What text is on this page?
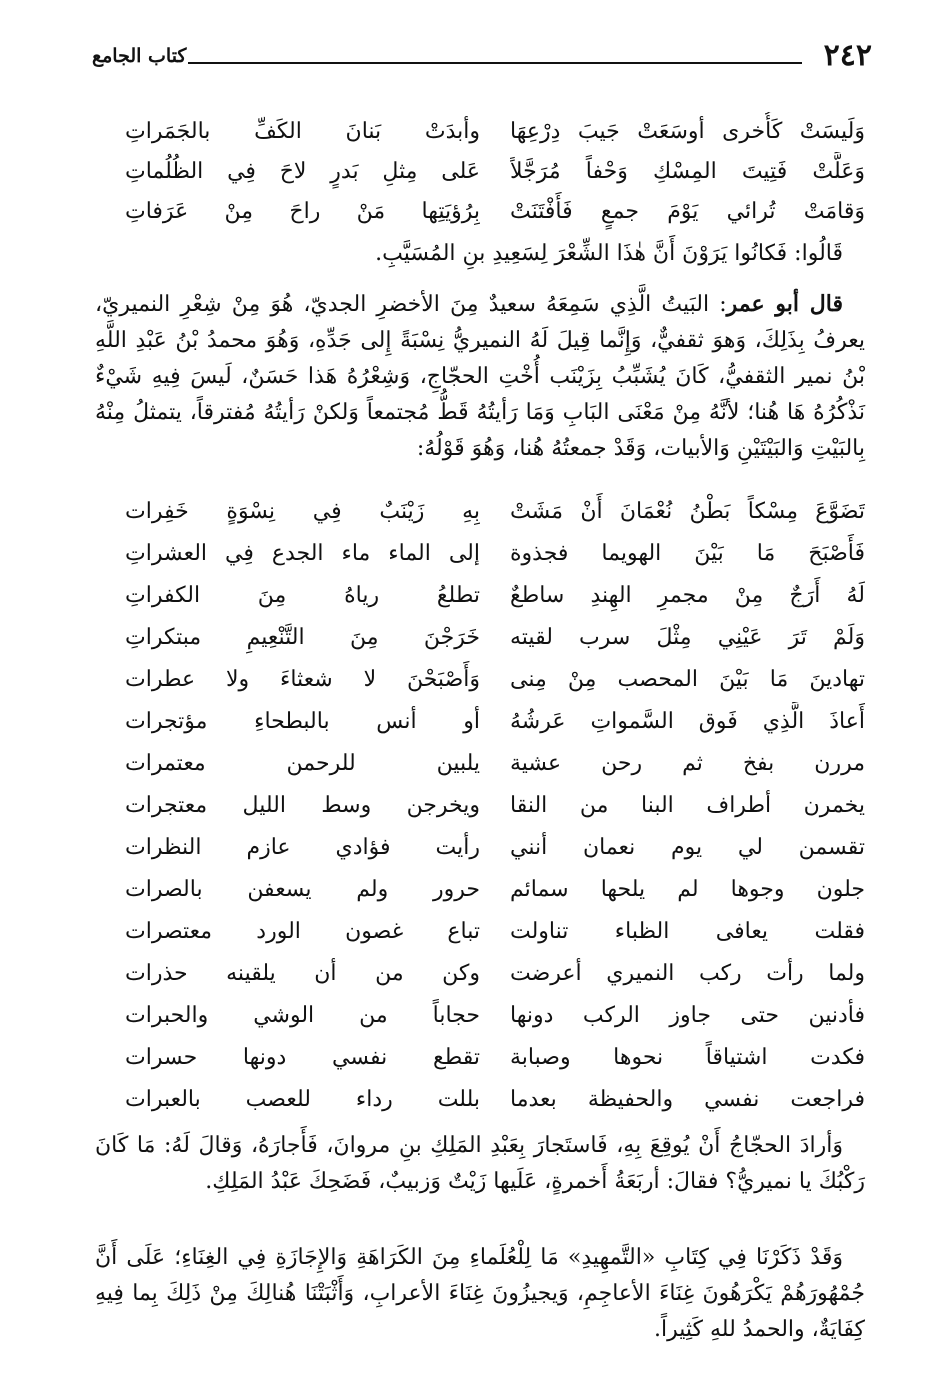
٢٤٢
كتاب الجامع
وَلَيسَتْ كَأُخرى أوسَعَتْ جَيبَ دِرْعِهَا
وأبدَتْ بَنانَ الكَفِّ بالجَمَراتِ
وَعَلَّتْ فَتِيتَ المِسْكِ وَحْفاً مُرَجَّلاً
عَلى مِثلِ بَدرٍ لاحَ فِي الظُلُماتِ
وَقامَتْ تُرائي يَوْمَ جمعٍ فَأَفْتَنَتْ
بِرُؤيَتِها مَنْ راحَ مِنْ عَرَفاتِ

قَالُوا: فَكانُوا يَرَوْنَ أَنَّ هٰذَا الشِّعْرَ لِسَعِيدِ بنِ المُسَيَّبِ.

قال أبو عمر: البَيتُ الَّذِي سَمِعَهُ سعيدٌ مِنَ الأخضرِ الجديّ، هُوَ مِنْ شِعْرِ النميريّ، يعرفُ بِذَلِكَ، وَهوَ ثقفيٌّ، وَإِنَّما قِيلَ لَهُ النميريُّ نِسْبَةً إِلى جَدِّهِ، وَهُوَ محمدُ بْنُ عَبْدِ اللَّهِ بْنُ نمير الثقفيُّ، كَانَ يُشَبِّبُ بِزَيْنَب أُخْتِ الحجّاجِ، وَشِعْرُهُ هَذا حَسَنٌ، لَيسَ فِيهِ شَيْءٌ نَذْكُرُهُ هَا هُنا؛ لأنَّهُ مِنْ مَعْنَى البَابِ وَمَا رَأيتُهُ قَطُّ مُجتمعاً وَلكنْ رَأيتُهُ مُفترقاً، يتمثلُ مِنْهُ بِالبَيْتِ وَالبَيْتَيْنِ وَالأبيات، وَقَدْ جمعتُهُ هُنا، وَهُوَ قَوْلُهُ:

تَضَوَّعَ مِسْكاً بَطْنُ نُعْمَانَ أَنْ مَشَتْ
بِهِ زَيْنَبٌ فِي نِسْوَةٍ خَفِرات
فَأَصْبَحَ مَا بَيْنَ الهويما فجذوة
إلى الماء ماء الجدع فِي العشراتِ
لَهُ أَرَجٌ مِنْ مجمرِ الهِندِ ساطعٌ
تطلعُ رياهُ مِنَ الكفراتِ
وَلَمْ تَرَ عَيْنِي مِثْلَ سرب لقيته
خَرَجْنَ مِنَ التَّنْعِيمِ مبتكراتِ
تهادينَ مَا بَيْنَ المحصب مِنْ مِنى
وَأَصْبَحْنَ لا شعثاءَ ولا عطرات
أَعاذَ الَّذِي فَوق السَّمواتِ عَرشُهُ
أو أنس بالبطحاءِ مؤتجرات
مررن بفخ ثم رحن عشية
يلبين للرحمن معتمرات
يخمرن أطراف البنا من النقا
ويخرجن وسط الليل معتجرات
تقسمن لي يوم نعمان أنني
رأيت فؤادي عازم النظرات
جلون وجوها لم يلحها سمائم
حرور ولم يسعفن بالصرات
فقلت يعافى الظباء تناولت
تباع غصون الورد معتصرات
ولما رأت ركب النميري أعرضت
وكن من أن يلقينه حذرات
فأدنين حتى جاوز الركب دونها
حجاباً من الوشي والحبرات
فكدت اشتياقاً نحوها وصبابة
تقطع نفسي دونها حسرات
فراجعت نفسي والحفيظة بعدما
بللت رداء للعصب بالعبرات

وَأرادَ الحجّاجُ أَنْ يُوقِعَ بِهِ، فَاستَجارَ بِعَبْدِ المَلِكِ بنِ مروانَ، فَأَجارَهُ، وَقالَ لَهُ: مَا كَانَ رَكْبُكَ يا نميريُّ؟ فقالَ: أربَعَةُ أَخمرةٍ، عَلَيها زَيْتٌ وَزبيبٌ، فَضَحِكَ عَبْدُ المَلِكِ.

وَقَدْ ذَكَرْنَا فِي كِتَابِ «التَّمهِيدِ» مَا لِلْعُلَماءِ مِنَ الكَرَاهَةِ وَالإِجَازَةِ فِي الغِنَاءِ؛ عَلَى أَنَّ جُمْهُورَهُمْ يَكْرَهُونَ غِنَاءَ الأعاجِمِ، وَيجيزُونَ غِنَاءَ الأعرابِ، وَأَثْبَتْنَا هُنالِكَ مِنْ ذَلِكَ بِما فِيهِ كِفَايَةٌ، والحمدُ للهِ كَثِيراً.
